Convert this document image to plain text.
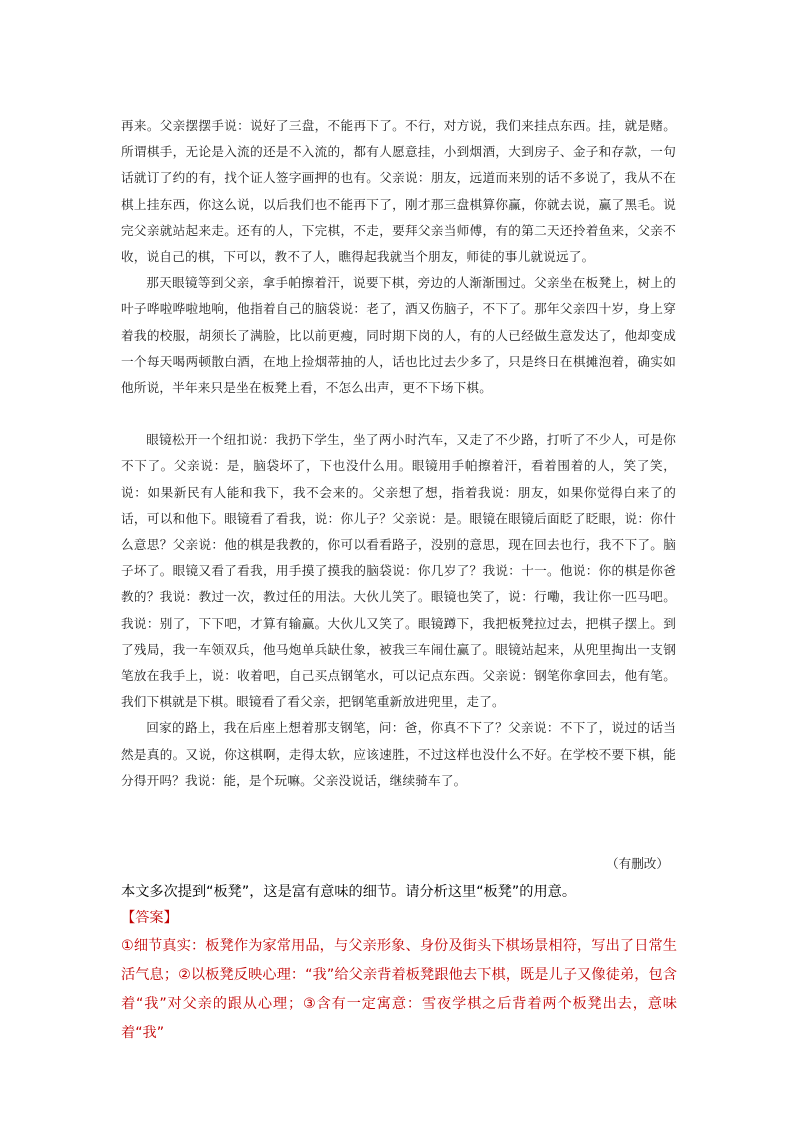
再来。父亲摆摆手说：说好了三盘，不能再下了。不行，对方说，我们来挂点东西。挂，就是赌。所谓棋手，无论是入流的还是不入流的，都有人愿意挂，小到烟酒，大到房子、金子和存款，一句话就订了约的有，找个证人签字画押的也有。父亲说：朋友，远道而来别的话不多说了，我从不在棋上挂东西，你这么说，以后我们也不能再下了，刚才那三盘棋算你赢，你就去说，赢了黑毛。说完父亲就站起来走。还有的人，下完棋，不走，要拜父亲当师傅，有的第二天还拎着鱼来，父亲不收，说自己的棋，下可以，教不了人，瞧得起我就当个朋友，师徒的事儿就说远了。

那天眼镜等到父亲，拿手帕擦着汗，说要下棋，旁边的人渐渐围过。父亲坐在板凳上，树上的叶子哗啦哗啦地响，他指着自己的脑袋说：老了，酒又伤脑子，不下了。那年父亲四十岁，身上穿着我的校服，胡须长了满脸，比以前更瘦，同时期下岗的人，有的人已经做生意发达了，他却变成一个每天喝两顿散白酒，在地上捡烟蒂抽的人，话也比过去少多了，只是终日在棋摊泡着，确实如他所说，半年来只是坐在板凳上看，不怎么出声，更不下场下棋。

眼镜松开一个纽扣说：我扔下学生，坐了两小时汽车，又走了不少路，打听了不少人，可是你不下了。父亲说：是，脑袋坏了，下也没什么用。眼镜用手帕擦着汗，看着围着的人，笑了笑，说：如果新民有人能和我下，我不会来的。父亲想了想，指着我说：朋友，如果你觉得白来了的话，可以和他下。眼镜看了看我，说：你儿子？父亲说：是。眼镜在眼镜后面眨了眨眼，说：你什么意思？父亲说：他的棋是我教的，你可以看看路子，没别的意思，现在回去也行，我不下了。脑子坏了。眼镜又看了看我，用手摸了摸我的脑袋说：你几岁了？我说：十一。他说：你的棋是你爸教的？我说：教过一次，教过任的用法。大伙儿笑了。眼镜也笑了，说：行嘞，我让你一匹马吧。我说：别了，下下吧，才算有输赢。大伙儿又笑了。眼镜蹲下，我把板凳拉过去，把棋子摆上。到了残局，我一车领双兵，他马炮单兵缺仕象，被我三车闹仕赢了。眼镜站起来，从兜里掏出一支钢笔放在我手上，说：收着吧，自己买点钢笔水，可以记点东西。父亲说：钢笔你拿回去，他有笔。我们下棋就是下棋。眼镜看了看父亲，把钢笔重新放进兜里，走了。

回家的路上，我在后座上想着那支钢笔，问：爸，你真不下了？父亲说：不下了，说过的话当然是真的。又说，你这棋啊，走得太软，应该速胜，不过这样也没什么不好。在学校不要下棋，能分得开吗？我说：能，是个玩嘛。父亲没说话，继续骑车了。

（有删改）
本文多次提到“板凳”，这是富有意味的细节。请分析这里“板凳”的用意。
【答案】
①细节真实：板凳作为家常用品，与父亲形象、身份及街头下棋场景相符，写出了日常生活气息；②以板凳反映心理：“我”给父亲背着板凳跟他去下棋，既是儿子又像徒弟，包含着“我”对父亲的跟从心理；③含有一定寓意：雪夜学棋之后背着两个板凳出去，意味着“我”
